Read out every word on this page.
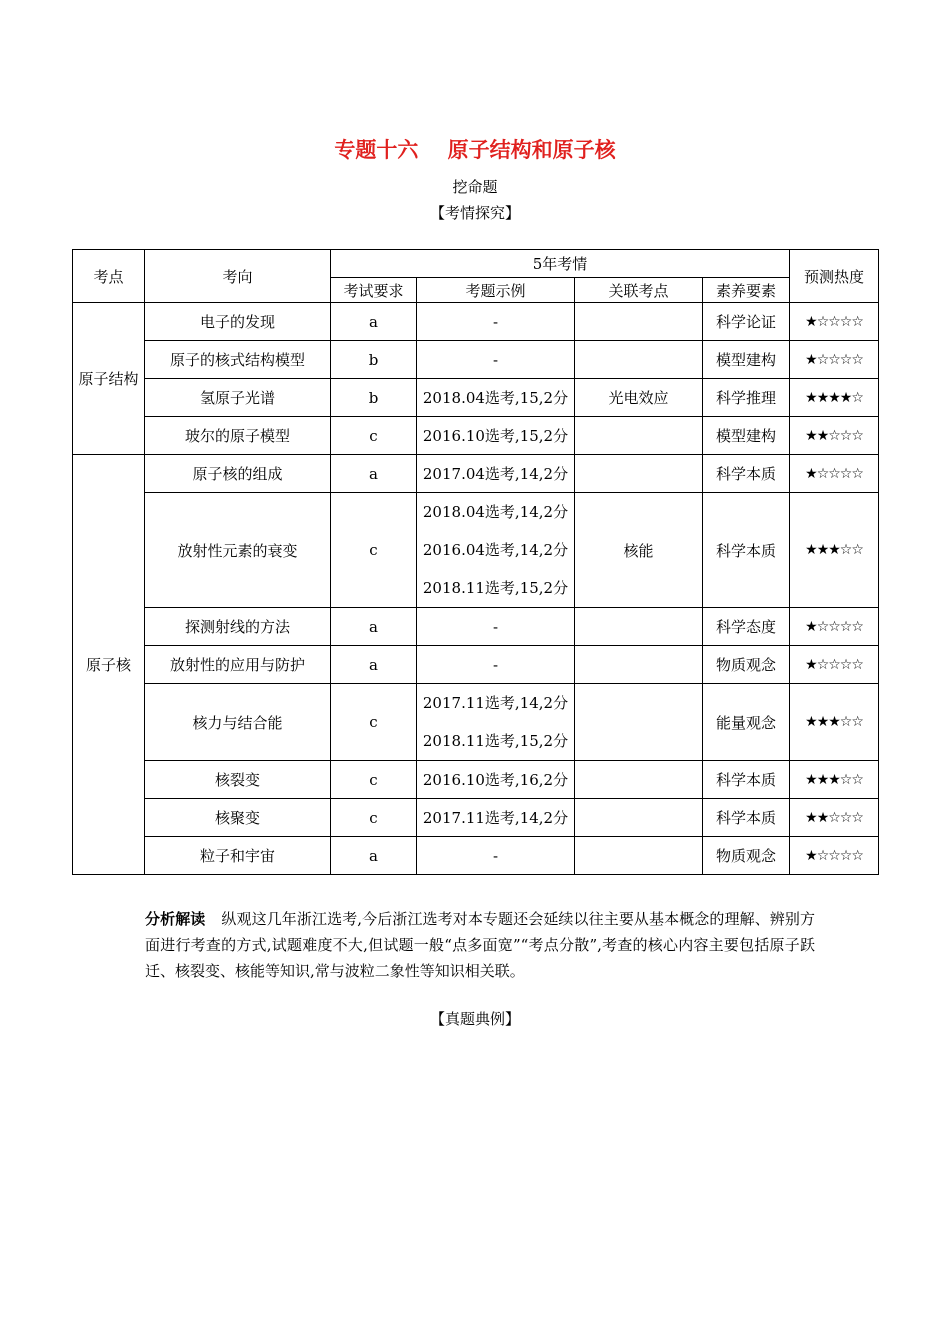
专题十六    原子结构和原子核
挖命题
【考情探究】
考点	考向	5年考情				预测热度
		考试要求	考题示例	关联考点	素养要素	
原子结构	电子的发现	a	-		科学论证	★☆☆☆☆
	原子的核式结构模型	b	-		模型建构	★☆☆☆☆
	氢原子光谱	b	2018.04选考,15,2分	光电效应	科学推理	★★★★☆
	玻尔的原子模型	c	2016.10选考,15,2分		模型建构	★★☆☆☆
原子核	原子核的组成	a	2017.04选考,14,2分		科学本质	★☆☆☆☆
	放射性元素的衰变	c	2018.04选考,14,2分
2016.04选考,14,2分
2018.11选考,15,2分	核能	科学本质	★★★☆☆
	探测射线的方法	a	-		科学态度	★☆☆☆☆
	放射性的应用与防护	a	-		物质观念	★☆☆☆☆
	核力与结合能	c	2017.11选考,14,2分
2018.11选考,15,2分		能量观念	★★★☆☆
	核裂变	c	2016.10选考,16,2分		科学本质	★★★☆☆
	核聚变	c	2017.11选考,14,2分		科学本质	★★☆☆☆
	粒子和宇宙	a	-		物质观念	★☆☆☆☆
分析解读 纵观这几年浙江选考,今后浙江选考对本专题还会延续以往主要从基本概念的理解、辨别方面进行考查的方式,试题难度不大,但试题一般“点多面宽”“考点分散”,考查的核心内容主要包括原子跃迁、核裂变、核能等知识,常与波粒二象性等知识相关联。
【真题典例】
